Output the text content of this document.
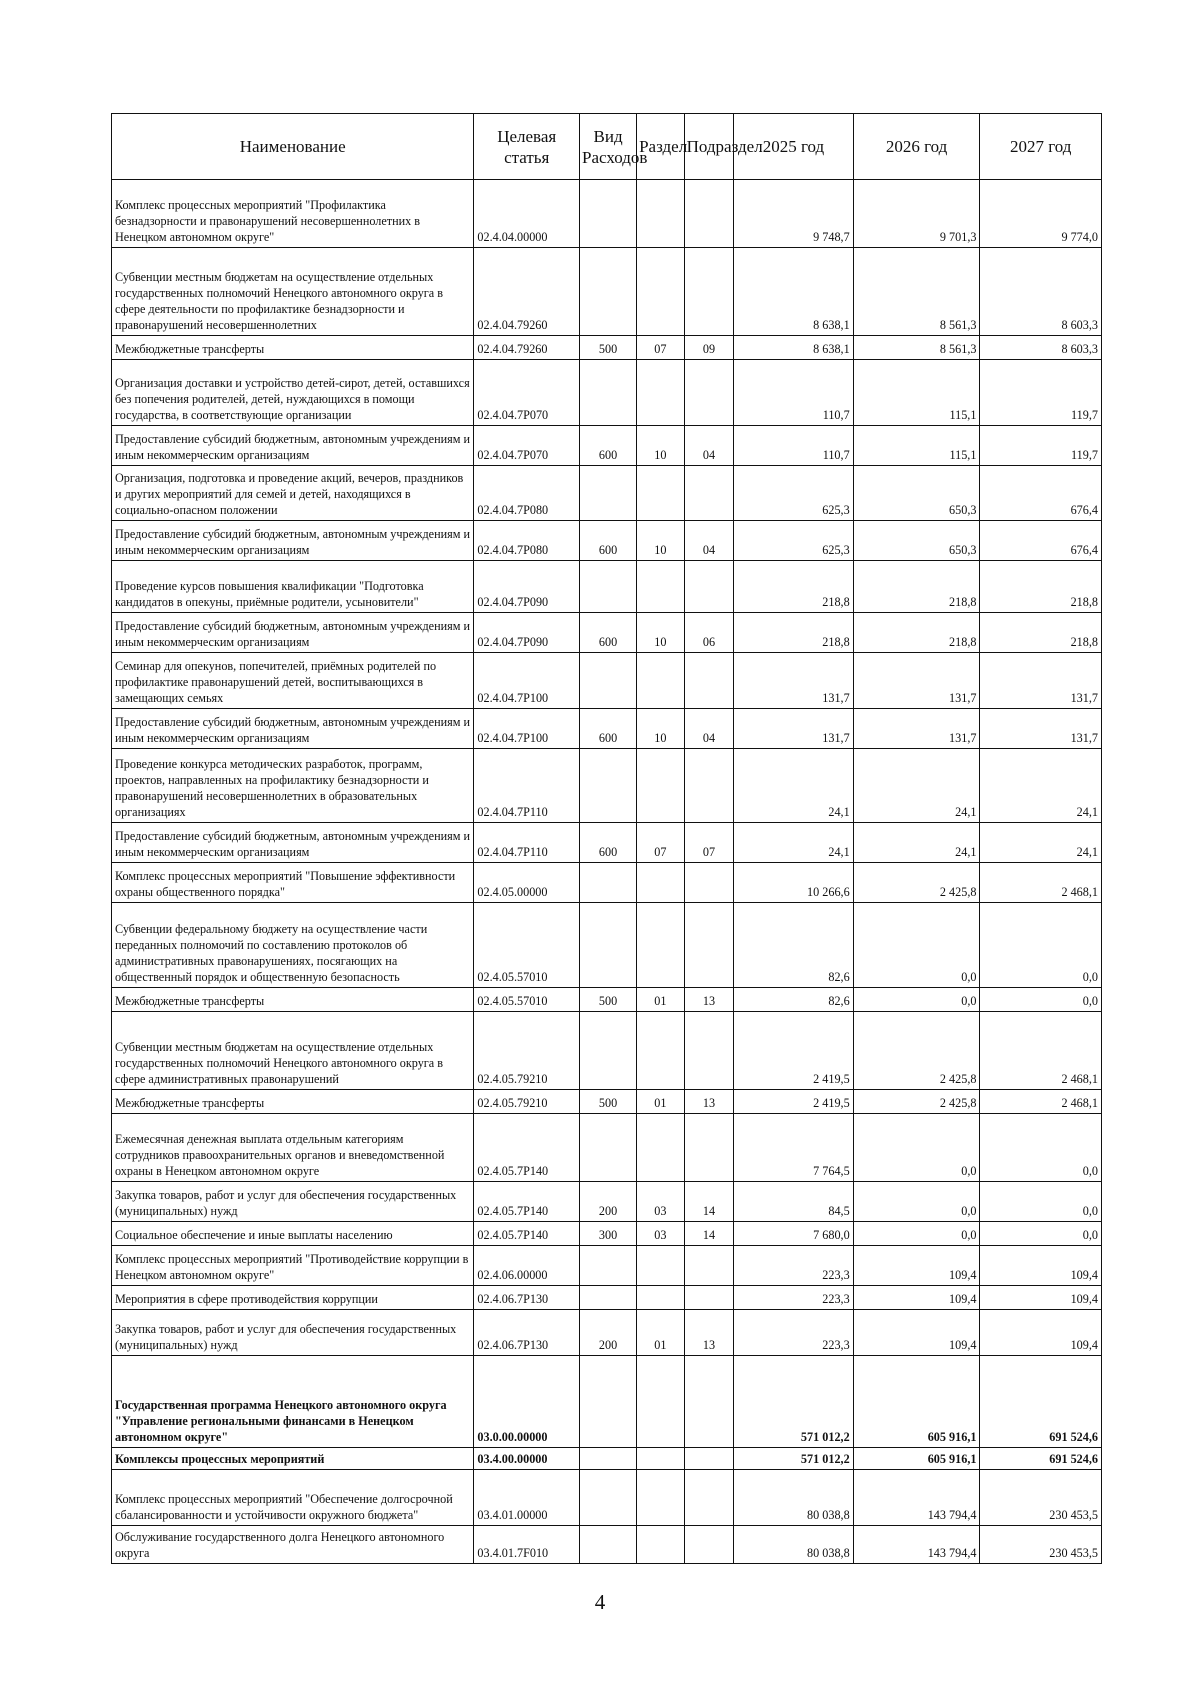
Наименование	Целевая статья	Вид Расходов	Раздел	Подраздел	2025 год	2026 год	2027 год
Комплекс процессных мероприятий "Профилактика безнадзорности и правонарушений несовершеннолетних в Ненецком автономном округе"	02.4.04.00000				9 748,7	9 701,3	9 774,0
Субвенции местным бюджетам на осуществление отдельных государственных полномочий Ненецкого автономного округа в сфере деятельности по профилактике безнадзорности и правонарушений несовершеннолетних	02.4.04.79260				8 638,1	8 561,3	8 603,3
Межбюджетные трансферты	02.4.04.79260	500	07	09	8 638,1	8 561,3	8 603,3
Организация доставки и устройство детей-сирот, детей, оставшихся без попечения родителей, детей, нуждающихся в помощи государства, в соответствующие организации	02.4.04.7Р070				110,7	115,1	119,7
Предоставление субсидий бюджетным, автономным учреждениям и иным некоммерческим организациям	02.4.04.7Р070	600	10	04	110,7	115,1	119,7
Организация, подготовка и проведение акций, вечеров, праздников и других мероприятий для семей и детей, находящихся в социально-опасном положении	02.4.04.7Р080				625,3	650,3	676,4
Предоставление субсидий бюджетным, автономным учреждениям и иным некоммерческим организациям	02.4.04.7Р080	600	10	04	625,3	650,3	676,4
Проведение курсов повышения квалификации "Подготовка кандидатов в опекуны, приёмные родители, усыновители"	02.4.04.7Р090				218,8	218,8	218,8
Предоставление субсидий бюджетным, автономным учреждениям и иным некоммерческим организациям	02.4.04.7Р090	600	10	06	218,8	218,8	218,8
Семинар для опекунов, попечителей, приёмных родителей по профилактике правонарушений детей, воспитывающихся в замещающих семьях	02.4.04.7Р100				131,7	131,7	131,7
Предоставление субсидий бюджетным, автономным учреждениям и иным некоммерческим организациям	02.4.04.7Р100	600	10	04	131,7	131,7	131,7
Проведение конкурса методических разработок, программ, проектов, направленных на профилактику безнадзорности и правонарушений несовершеннолетних в образовательных организациях	02.4.04.7Р110				24,1	24,1	24,1
Предоставление субсидий бюджетным, автономным учреждениям и иным некоммерческим организациям	02.4.04.7Р110	600	07	07	24,1	24,1	24,1
Комплекс процессных мероприятий "Повышение эффективности охраны общественного порядка"	02.4.05.00000				10 266,6	2 425,8	2 468,1
Субвенции федеральному бюджету на осуществление части переданных полномочий по составлению протоколов об административных правонарушениях, посягающих на общественный порядок и общественную безопасность	02.4.05.57010				82,6	0,0	0,0
Межбюджетные трансферты	02.4.05.57010	500	01	13	82,6	0,0	0,0
Субвенции местным бюджетам на осуществление отдельных государственных полномочий Ненецкого автономного округа в сфере административных правонарушений	02.4.05.79210				2 419,5	2 425,8	2 468,1
Межбюджетные трансферты	02.4.05.79210	500	01	13	2 419,5	2 425,8	2 468,1
Ежемесячная денежная выплата отдельным категориям сотрудников правоохранительных органов и вневедомственной охраны в Ненецком автономном округе	02.4.05.7Р140				7 764,5	0,0	0,0
Закупка товаров, работ и услуг для обеспечения государственных (муниципальных) нужд	02.4.05.7Р140	200	03	14	84,5	0,0	0,0
Социальное обеспечение и иные выплаты населению	02.4.05.7Р140	300	03	14	7 680,0	0,0	0,0
Комплекс процессных мероприятий "Противодействие коррупции в Ненецком автономном округе"	02.4.06.00000				223,3	109,4	109,4
Мероприятия в сфере противодействия коррупции	02.4.06.7Р130				223,3	109,4	109,4
Закупка товаров, работ и услуг для обеспечения государственных (муниципальных) нужд	02.4.06.7Р130	200	01	13	223,3	109,4	109,4
Государственная программа Ненецкого автономного округа "Управление региональными финансами в Ненецком автономном округе"	03.0.00.00000				571 012,2	605 916,1	691 524,6
Комплексы процессных мероприятий	03.4.00.00000				571 012,2	605 916,1	691 524,6
Комплекс процессных мероприятий "Обеспечение долгосрочной сбалансированности и устойчивости окружного бюджета"	03.4.01.00000				80 038,8	143 794,4	230 453,5
Обслуживание государственного долга Ненецкого автономного округа	03.4.01.7F010				80 038,8	143 794,4	230 453,5
4
